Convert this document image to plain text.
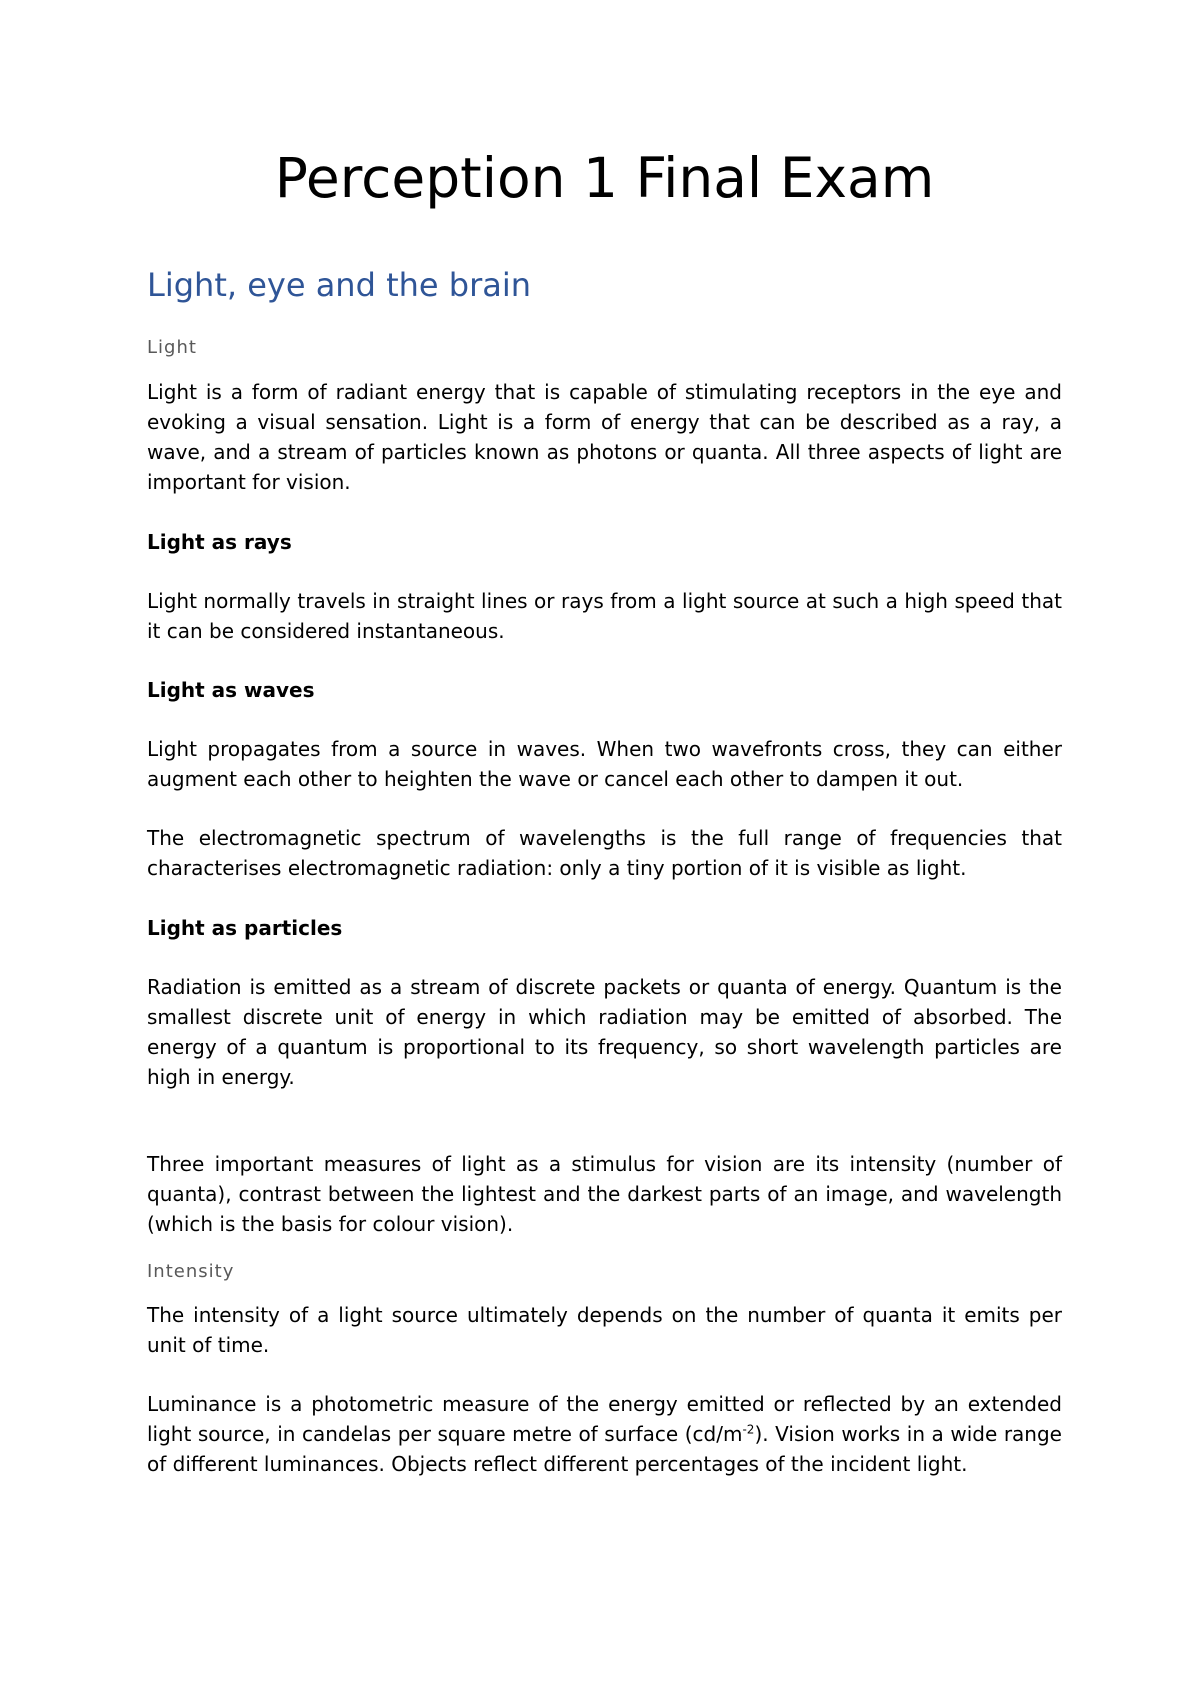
Perception 1 Final Exam
Light, eye and the brain
Light

Light is a form of radiant energy that is capable of stimulating receptors in the eye and evoking a visual sensation. Light is a form of energy that can be described as a ray, a wave, and a stream of particles known as photons or quanta. All three aspects of light are important for vision.

Light as rays

Light normally travels in straight lines or rays from a light source at such a high speed that it can be considered instantaneous.

Light as waves

Light propagates from a source in waves. When two wavefronts cross, they can either augment each other to heighten the wave or cancel each other to dampen it out.

The electromagnetic spectrum of wavelengths is the full range of frequencies that characterises electromagnetic radiation: only a tiny portion of it is visible as light.

Light as particles

Radiation is emitted as a stream of discrete packets or quanta of energy. Quantum is the smallest discrete unit of energy in which radiation may be emitted of absorbed. The energy of a quantum is proportional to its frequency, so short wavelength particles are high in energy.

Three important measures of light as a stimulus for vision are its intensity (number of quanta), contrast between the lightest and the darkest parts of an image, and wavelength (which is the basis for colour vision).

Intensity

The intensity of a light source ultimately depends on the number of quanta it emits per unit of time.

Luminance is a photometric measure of the energy emitted or reflected by an extended light source, in candelas per square metre of surface $(cd/m^{-2})$. Vision works in a wide range of different luminances. Objects reflect different percentages of the incident light.
